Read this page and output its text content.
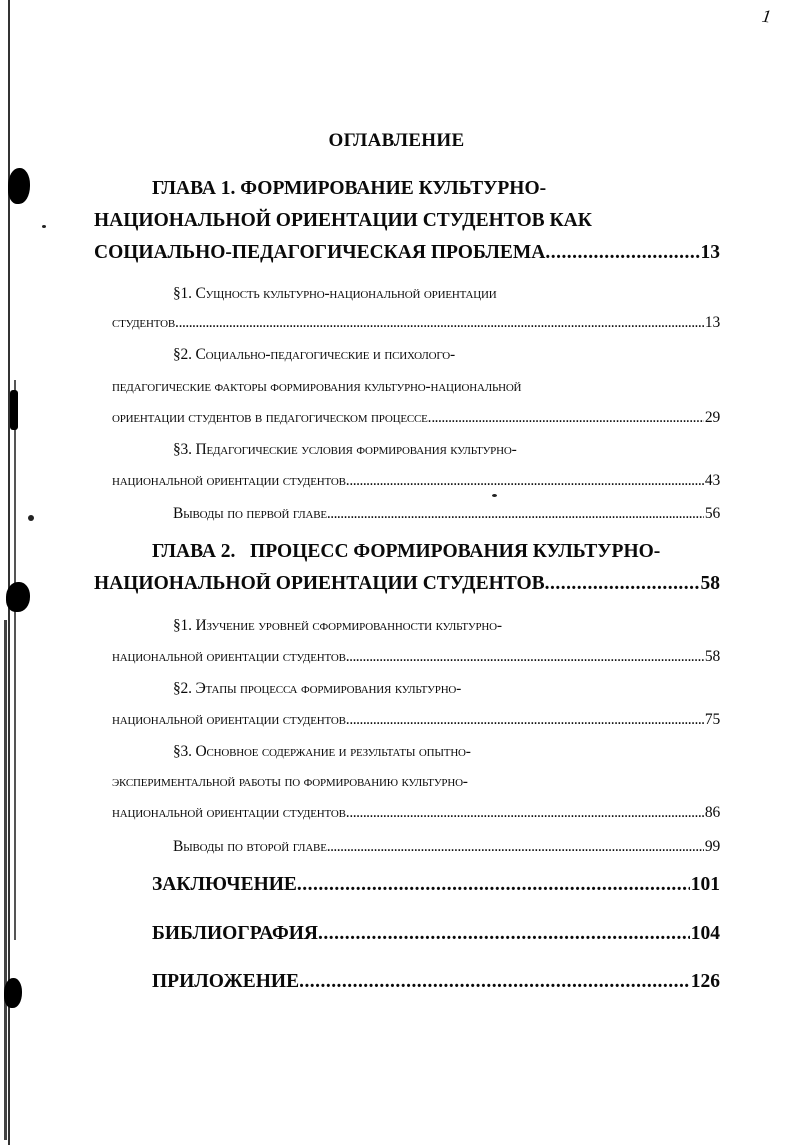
1
ОГЛАВЛЕНИЕ
ГЛАВА 1. ФОРМИРОВАНИЕ КУЛЬТУРНО-
НАЦИОНАЛЬНОЙ ОРИЕНТАЦИИ СТУДЕНТОВ КАК
СОЦИАЛЬНО-ПЕДАГОГИЧЕСКАЯ ПРОБЛЕМА . . .	13
§1. Сущность культурно-национальной ориентации
студентов. . . .	13
§2. Социально-педагогические и психолого-
педагогические факторы формирования культурно-национальной
ориентации студентов в педагогическом процессе. . . .	29
§3. Педагогические условия формирования культурно-
национальной ориентации студентов. . . .	43
Выводы по первой главе . . .	56
ГЛАВА 2.   ПРОЦЕСС ФОРМИРОВАНИЯ КУЛЬТУРНО-
НАЦИОНАЛЬНОЙ ОРИЕНТАЦИИ СТУДЕНТОВ . . .	58
§1. Изучение уровней сформированности культурно-
национальной ориентации студентов . . .	58
§2. Этапы процесса формирования культурно-
национальной ориентации студентов. . . .	75
§3. Основное содержание и результаты опытно-
экспериментальной работы по формированию культурно-
национальной ориентации студентов. . . .	86
Выводы по второй главе . . .	99
ЗАКЛЮЧЕНИЕ . . .	101
БИБЛИОГРАФИЯ . . .	104
ПРИЛОЖЕНИЕ . . .	126
